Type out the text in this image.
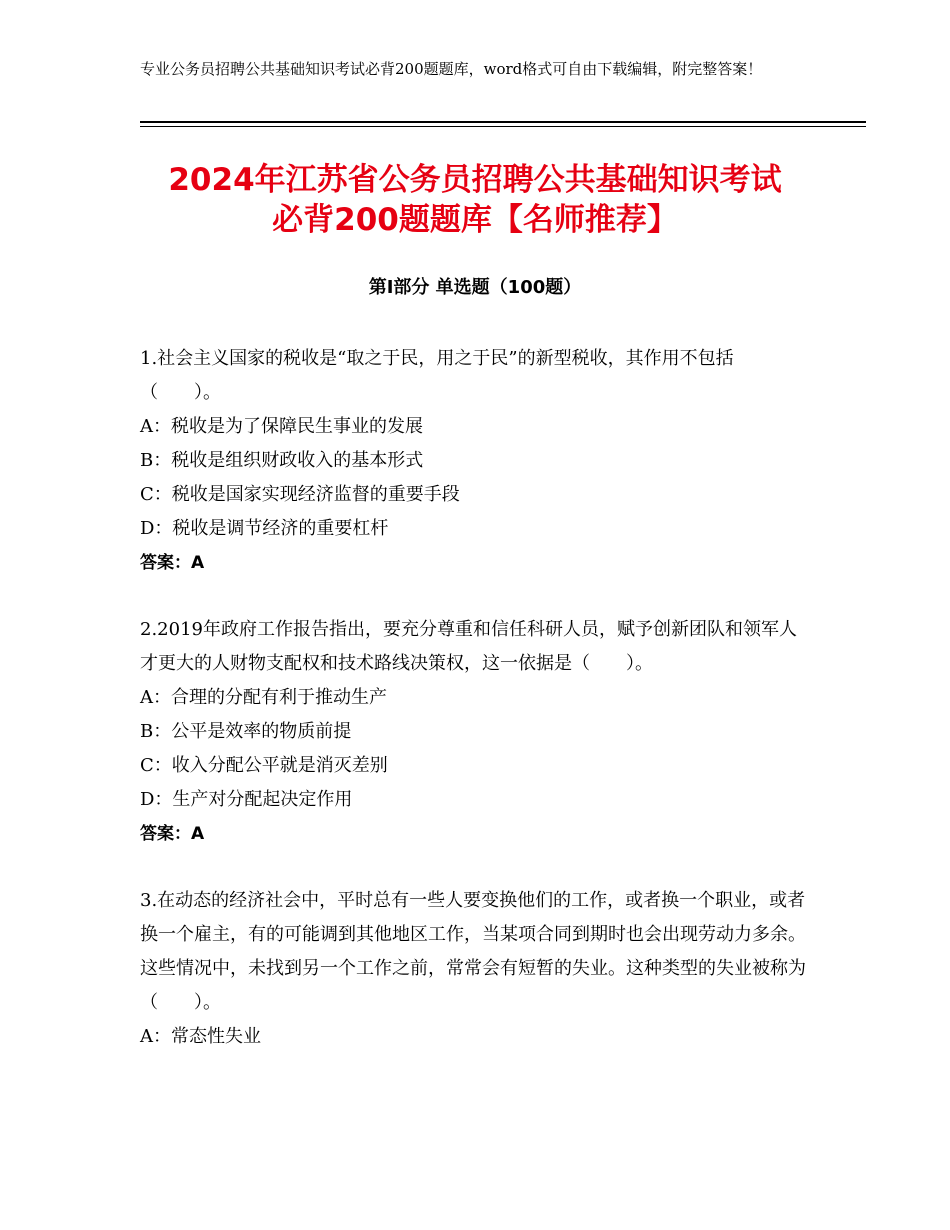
专业公务员招聘公共基础知识考试必背200题题库，word格式可自由下载编辑，附完整答案！
2024年江苏省公务员招聘公共基础知识考试
必背200题题库【名师推荐】
第Ⅰ部分 单选题（100题）

1.社会主义国家的税收是“取之于民，用之于民”的新型税收，其作用不包括（　　）。

A：税收是为了保障民生事业的发展

B：税收是组织财政收入的基本形式

C：税收是国家实现经济监督的重要手段

D：税收是调节经济的重要杠杆

答案：A

2.2019年政府工作报告指出，要充分尊重和信任科研人员，赋予创新团队和领军人才更大的人财物支配权和技术路线决策权，这一依据是（　　）。

A：合理的分配有利于推动生产

B：公平是效率的物质前提

C：收入分配公平就是消灭差别

D：生产对分配起决定作用

答案：A

3.在动态的经济社会中，平时总有一些人要变换他们的工作，或者换一个职业，或者换一个雇主，有的可能调到其他地区工作，当某项合同到期时也会出现劳动力多余。这些情况中，未找到另一个工作之前，常常会有短暂的失业。这种类型的失业被称为（　　）。

A：常态性失业
